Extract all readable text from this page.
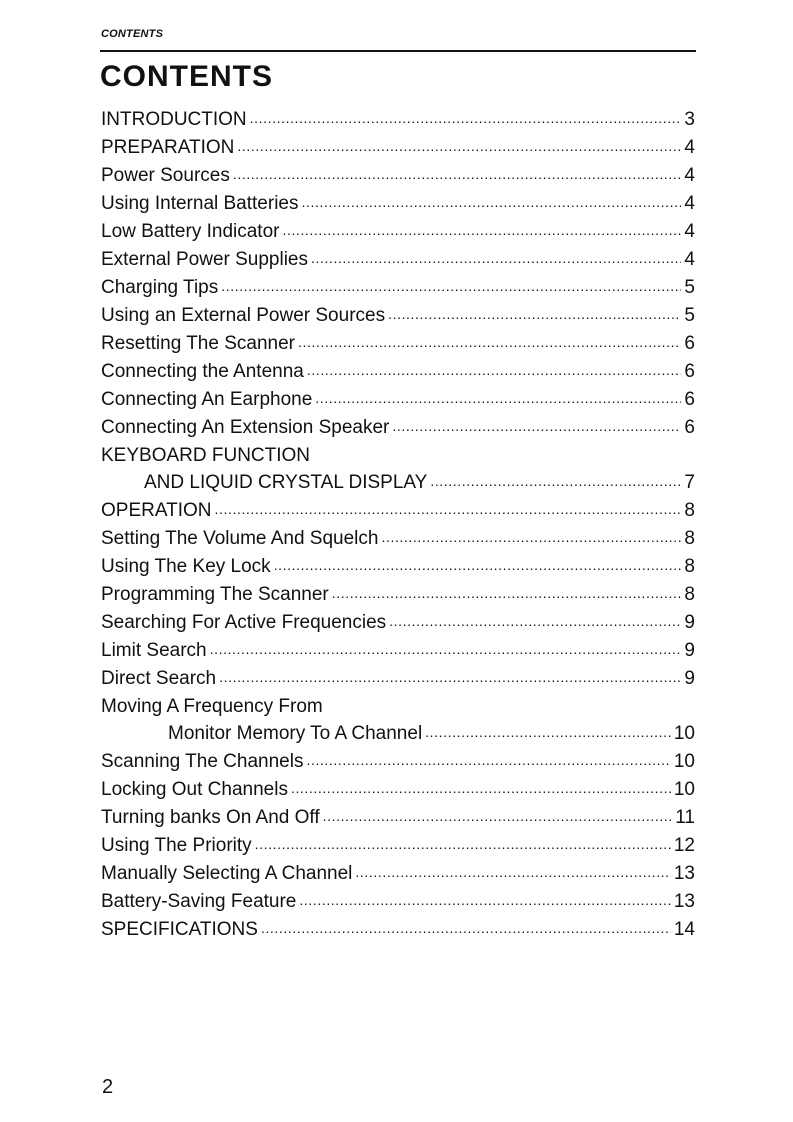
CONTENTS
CONTENTS
INTRODUCTION .....	3
PREPARATION .....	4
Power Sources .....	4
Using Internal Batteries .....	4
Low Battery Indicator .....	4
External Power Supplies .....	4
Charging Tips .....	5
Using an External Power Sources .....	5
Resetting The Scanner .....	6
Connecting the Antenna .....	6
Connecting An Earphone .....	6
Connecting An Extension Speaker .....	6
KEYBOARD FUNCTION
AND LIQUID CRYSTAL DISPLAY .....	7
OPERATION .....	8
Setting The Volume And Squelch .....	8
Using The Key Lock .....	8
Programming The Scanner .....	8
Searching For Active Frequencies .....	9
Limit Search .....	9
Direct Search .....	9
Moving A Frequency From
Monitor Memory To A Channel .....	10
Scanning The Channels .....	10
Locking Out Channels .....	10
Turning banks On And Off .....	11
Using The Priority .....	12
Manually Selecting A Channel .....	13
Battery-Saving Feature .....	13
SPECIFICATIONS .....	14
2
